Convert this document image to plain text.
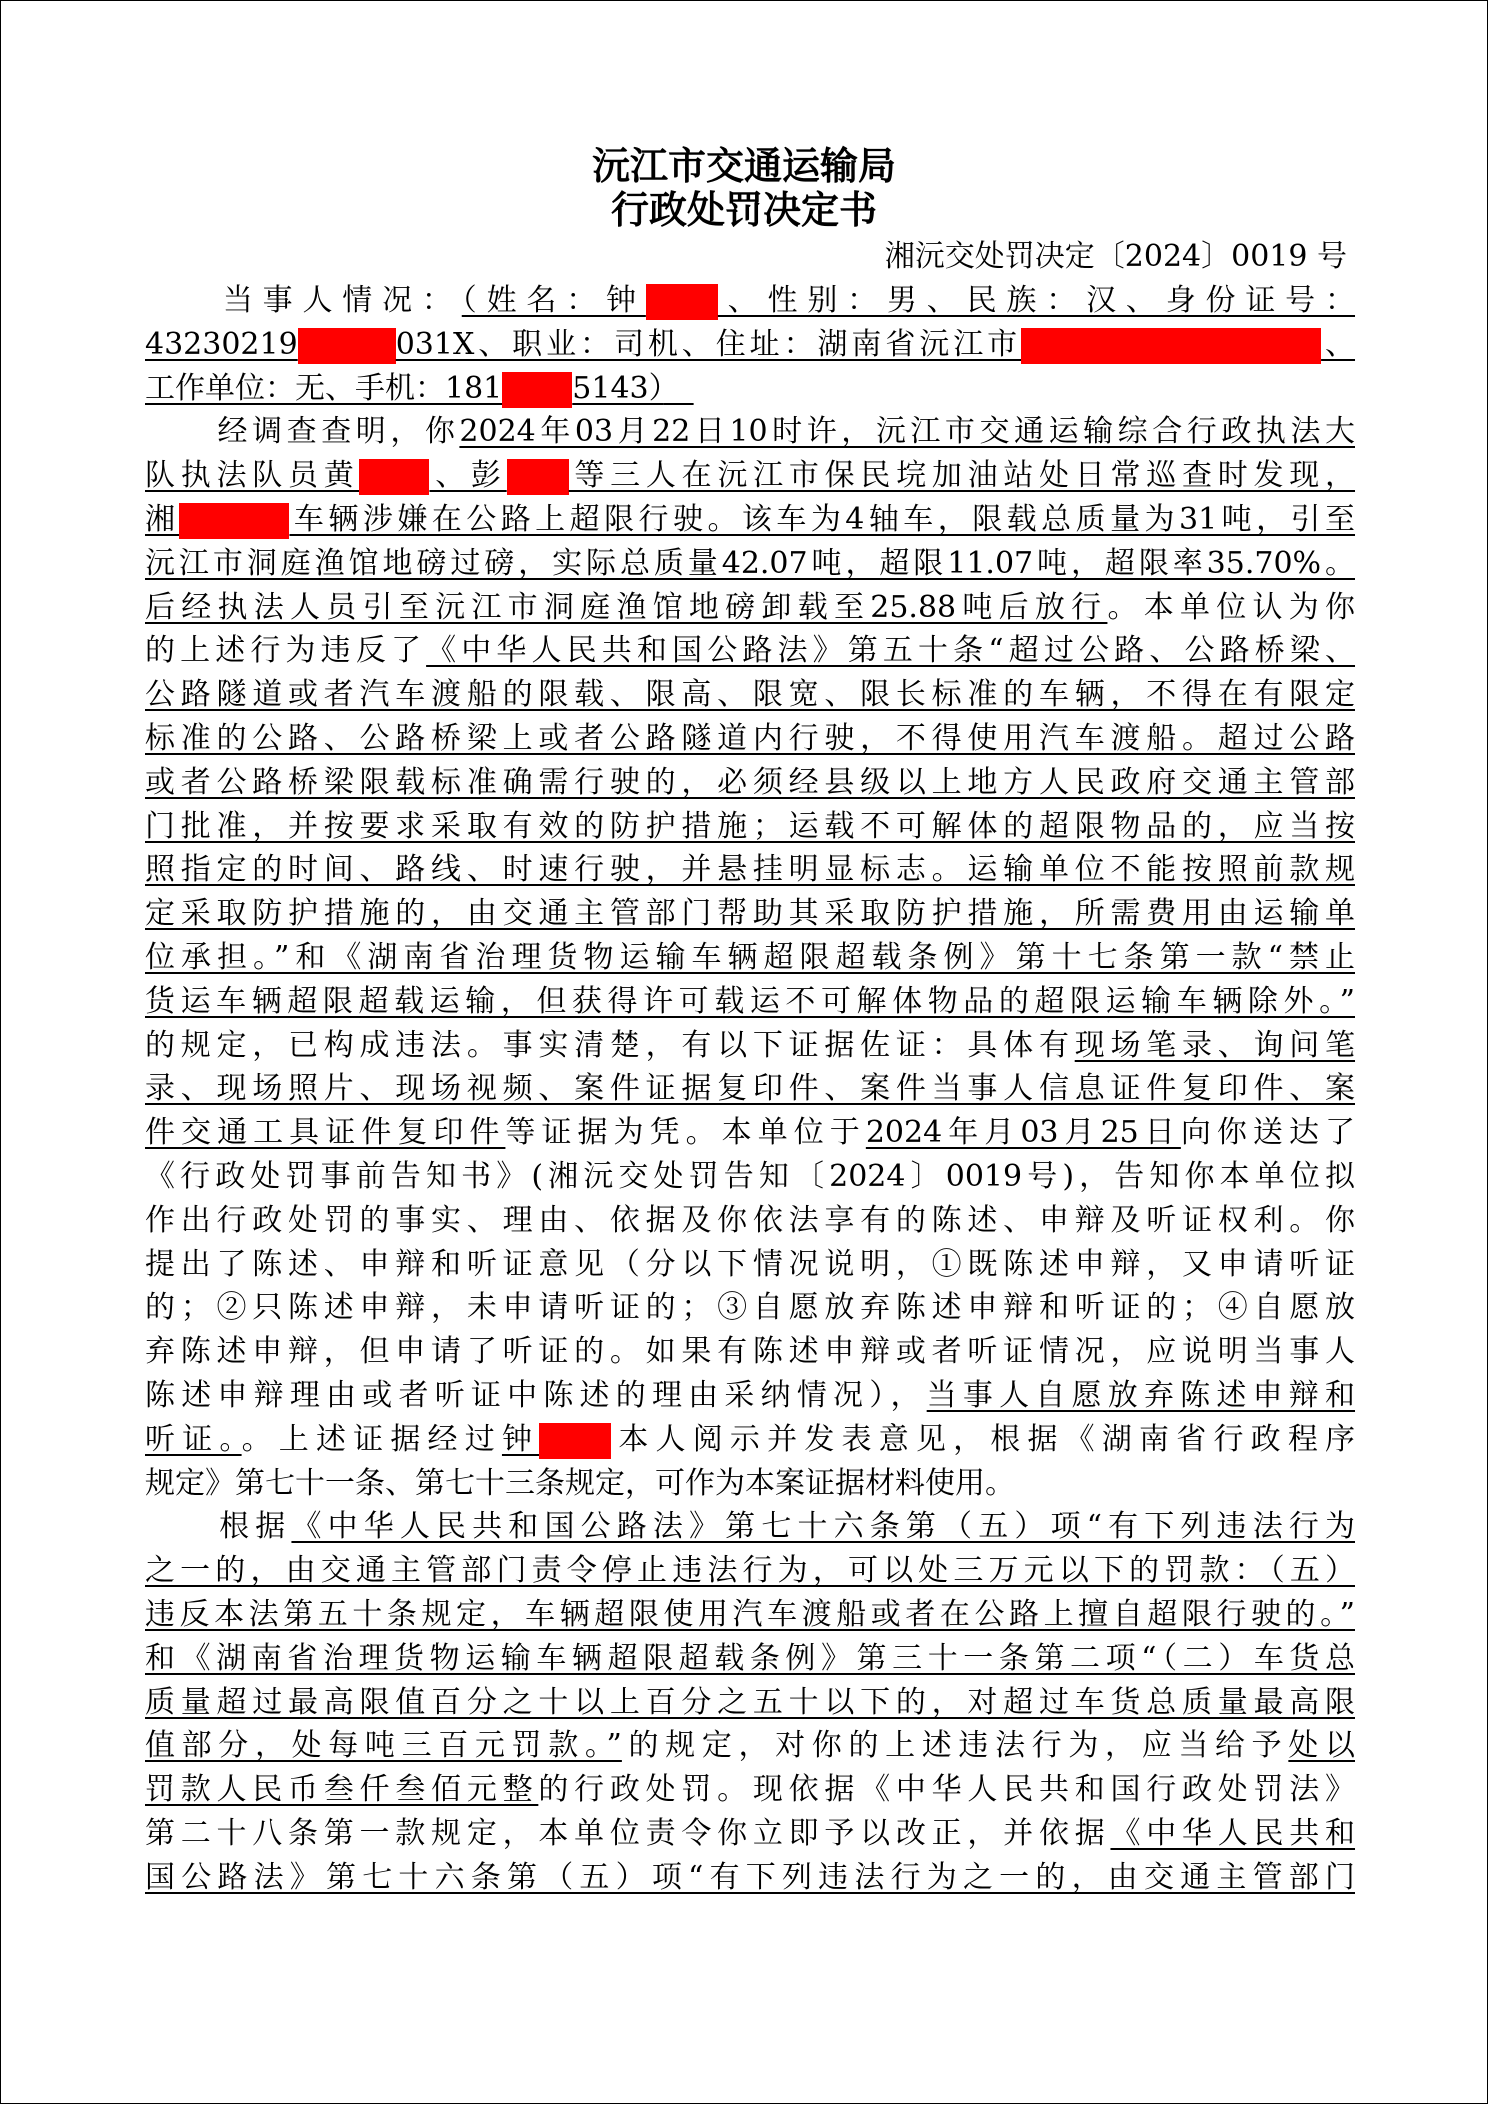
沅江市交通运输局
行政处罚决定书
湘沅交处罚决定〔2024〕0019 号
当事人情况：（姓名：钟 、性别：男、民族：汉、身份证号：
43230219	031X、职业：司机、住址：湖南省沅江市	、
工作单位：无、手机：181 5143）　
经调查查明，你2024年03月22日10时许，沅江市交通运输综合行政执法大
队执法队员黄 、彭 等三人在沅江市保民垸加油站处日常巡查时发现，
湘	车辆涉嫌在公路上超限行驶。该车为4轴车，限载总质量为31吨，引至
沅江市洞庭渔馆地磅过磅，实际总质量42.07吨，超限11.07吨，超限率35.70%。
后经执法人员引至沅江市洞庭渔馆地磅卸载至25.88吨后放行。本单位认为你
的上述行为违反了《中华人民共和国公路法》第五十条“超过公路、公路桥梁、
公路隧道或者汽车渡船的限载、限高、限宽、限长标准的车辆，不得在有限定
标准的公路、公路桥梁上或者公路隧道内行驶，不得使用汽车渡船。超过公路
或者公路桥梁限载标准确需行驶的，必须经县级以上地方人民政府交通主管部
门批准，并按要求采取有效的防护措施；运载不可解体的超限物品的，应当按
照指定的时间、路线、时速行驶，并悬挂明显标志。运输单位不能按照前款规
定采取防护措施的，由交通主管部门帮助其采取防护措施，所需费用由运输单
位承担。”和《湖南省治理货物运输车辆超限超载条例》第十七条第一款“禁止
货运车辆超限超载运输，但获得许可载运不可解体物品的超限运输车辆除外。”
的规定，已构成违法。事实清楚，有以下证据佐证：具体有现场笔录、询问笔
录、现场照片、现场视频、案件证据复印件、案件当事人信息证件复印件、案
件交通工具证件复印件等证据为凭。本单位于2024年月03月25日向你送达了
《行政处罚事前告知书》(湘沅交处罚告知〔2024〕0019号)，告知你本单位拟
作出行政处罚的事实、理由、依据及你依法享有的陈述、申辩及听证权利。你
提出了陈述、申辩和听证意见（分以下情况说明，①既陈述申辩，又申请听证
的；②只陈述申辩，未申请听证的；③自愿放弃陈述申辩和听证的；④自愿放
弃陈述申辩，但申请了听证的。如果有陈述申辩或者听证情况，应说明当事人
陈述申辩理由或者听证中陈述的理由采纳情况），当事人自愿放弃陈述申辩和
听证。。上述证据经过钟 本人阅示并发表意见，根据《湖南省行政程序
规定》第七十一条、第七十三条规定，可作为本案证据材料使用。
根据《中华人民共和国公路法》第七十六条第（五）项“有下列违法行为
之一的，由交通主管部门责令停止违法行为，可以处三万元以下的罚款：（五）
违反本法第五十条规定，车辆超限使用汽车渡船或者在公路上擅自超限行驶的。”
和《湖南省治理货物运输车辆超限超载条例》第三十一条第二项“（二）车货总
质量超过最高限值百分之十以上百分之五十以下的，对超过车货总质量最高限
值部分，处每吨三百元罚款。”的规定，对你的上述违法行为，应当给予处以
罚款人民币叁仟叁佰元整的行政处罚。现依据《中华人民共和国行政处罚法》
第二十八条第一款规定，本单位责令你立即予以改正，并依据《中华人民共和
国公路法》第七十六条第（五）项“有下列违法行为之一的，由交通主管部门
